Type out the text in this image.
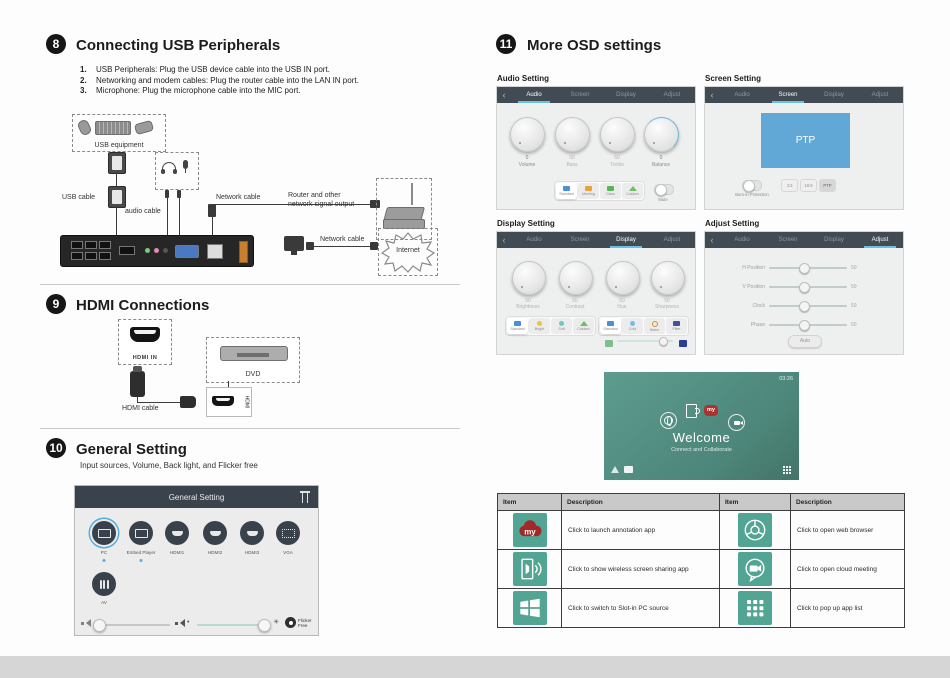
8	Connecting USB Peripherals
1.	USB Peripherals: Plug the USB device cable into the USB IN port.
2.	Networking and modem cables: Plug the router cable into the LAN IN port.
3.	Microphone: Plug the microphone cable into the MIC port.
USB equipment
USB cable
audio cable
Network cable	Router and other
network signal output
Network cable
Internet
9	HDMI Connections
HDMI IN
HDMI
DVD
HDMI cable
10 General Setting
Input sources, Volume, Back light, and Flicker free
General Setting
PC	Embed Player	HDMI1	HDMI2	HDMI3	VGA
AV
•	☀	Flicker Free
11 More OSD settings
Audio Setting	Screen Setting
‹	Audio	Screen	Display	Adjust
0	50	50	0
Volume	Bass	Treble	Balance
Standard Meeting	Class	Custom
Mute
‹	Audio	Screen	Display	Adjust
PTP
Burn-in Protection
4:3	16:9	PTP
Display Setting	Adjust Setting
‹	Audio	Screen	Display	Adjust
50	50	50	50
Brightness	Contrast	Hue	Sharpness
Standard	Bright	Soft	Custom	Standard	Cold	Warm	Filter
‹	Audio	Screen	Display	Adjust
H Position	50
V Position	50
Clock	50
Phase	50
Auto
03:26
my
Welcome
Connect and Collaborate
Item	Description	Item	Description

my	Click to launch annotation app		Click to open web browser

	Click to show wireless screen sharing app		Click to open cloud meeting

	Click to switch to Slot-in PC source		Click to pop up app list
